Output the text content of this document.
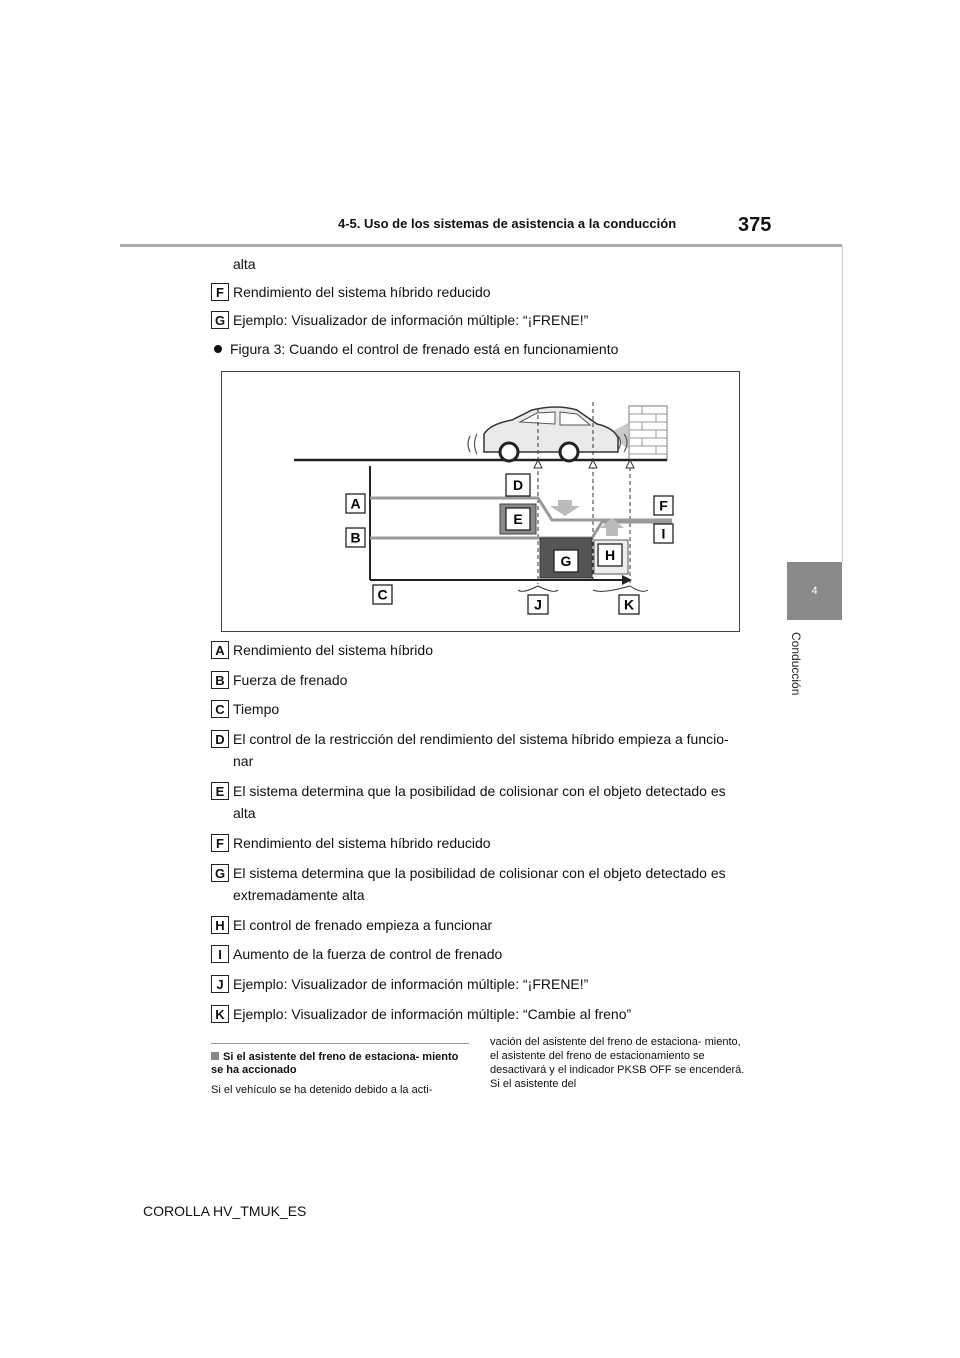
4-5. Uso de los sistemas de asistencia a la conducción	375
4
Conducción
alta
F Rendimiento del sistema híbrido reducido
G Ejemplo: Visualizador de información múltiple: “¡FRENE!”
Figura 3: Cuando el control de frenado está en funcionamiento
A
B
C
D
E
F
G H
I
J	K
A Rendimiento del sistema híbrido
B Fuerza de frenado
C Tiempo
D El control de la restricción del rendimiento del sistema híbrido empieza a funcio-
nar
E El sistema determina que la posibilidad de colisionar con el objeto detectado es
alta
F Rendimiento del sistema híbrido reducido
G El sistema determina que la posibilidad de colisionar con el objeto detectado es
extremadamente alta
H El control de frenado empieza a funcionar
I Aumento de la fuerza de control de frenado
J Ejemplo: Visualizador de información múltiple: “¡FRENE!”
K Ejemplo: Visualizador de información múltiple: “Cambie al freno”
Si el asistente del freno de estaciona- miento se ha accionado
Si el vehículo se ha detenido debido a la acti-
vación del asistente del freno de estaciona- miento, el asistente del freno de estacionamiento se desactivará y el indicador PKSB OFF se encenderá. Si el asistente del
COROLLA HV_TMUK_ES
